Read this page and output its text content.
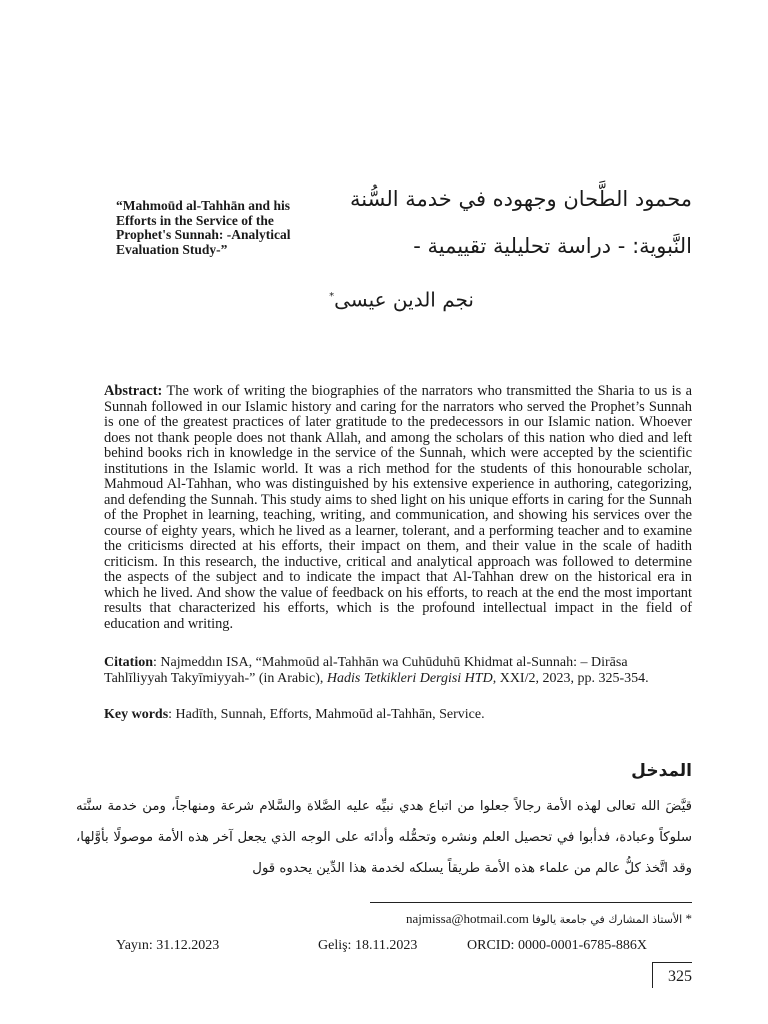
“Mahmoūd al-Tahhān and his Efforts in the Service of the Prophet's Sunnah: -Analytical Evaluation Study-”
محمود الطَّحان وجهوده في خدمة السُّنة
النَّبوية: - دراسة تحليلية تقييمية -
نجم الدين عيسى*
Abstract: The work of writing the biographies of the narrators who transmitted the Sharia to us is a Sunnah followed in our Islamic history and caring for the narrators who served the Prophet’s Sunnah is one of the greatest practices of later gratitude to the predecessors in our Islamic nation. Whoever does not thank people does not thank Allah, and among the scholars of this nation who died and left behind books rich in knowledge in the service of the Sunnah, which were accepted by the scientific institutions in the Islamic world. It was a rich method for the students of this honourable scholar, Mahmoud Al-Tahhan, who was distinguished by his extensive experience in authoring, categorizing, and defending the Sunnah. This study aims to shed light on his unique efforts in caring for the Sunnah of the Prophet in learning, teaching, writing, and communication, and showing his services over the course of eighty years, which he lived as a learner, tolerant, and a performing teacher and to examine the criticisms directed at his efforts, their impact on them, and their value in the scale of hadith criticism. In this research, the inductive, critical and analytical approach was followed to determine the aspects of the subject and to indicate the impact that Al-Tahhan drew on the historical era in which he lived. And show the value of feedback on his efforts, to reach at the end the most important results that characterized his efforts, which is the profound intellectual impact in the field of education and writing.
Citation: Najmeddın ISA, “Mahmoūd al-Tahhān wa Cuhūduhū Khidmat al-Sunnah: – Dirāsa Tahlīliyyah Takyīmiyyah-” (in Arabic), Hadis Tetkikleri Dergisi HTD, XXI/2, 2023, pp. 325-354.
Key words: Hadīth, Sunnah, Efforts, Mahmoūd al-Tahhān, Service.
المدخل
قيَّضَ الله تعالى لهذه الأمة رجالاً جعلوا من اتباع هدي نبيِّه عليه الصَّلاة والسَّلام شرعة ومنهاجاً، ومن خدمة سنَّته سلوكاً وعبادة، فدأبوا في تحصيل العلم ونشره وتحمُّله وأدائه على الوجه الذي يجعل آخر هذه الأمة موصولًا بأوَّلها، وقد اتَّخذ كلُّ عالم من علماء هذه الأمة طريقاً يسلكه لخدمة هذا الدِّين يحدوه قول
* الأستاذ المشارك في جامعة يالوفا najmissa@hotmail.com
Yayın: 31.12.2023	Geliş: 18.11.2023	ORCID: 0000-0001-6785-886X
325
